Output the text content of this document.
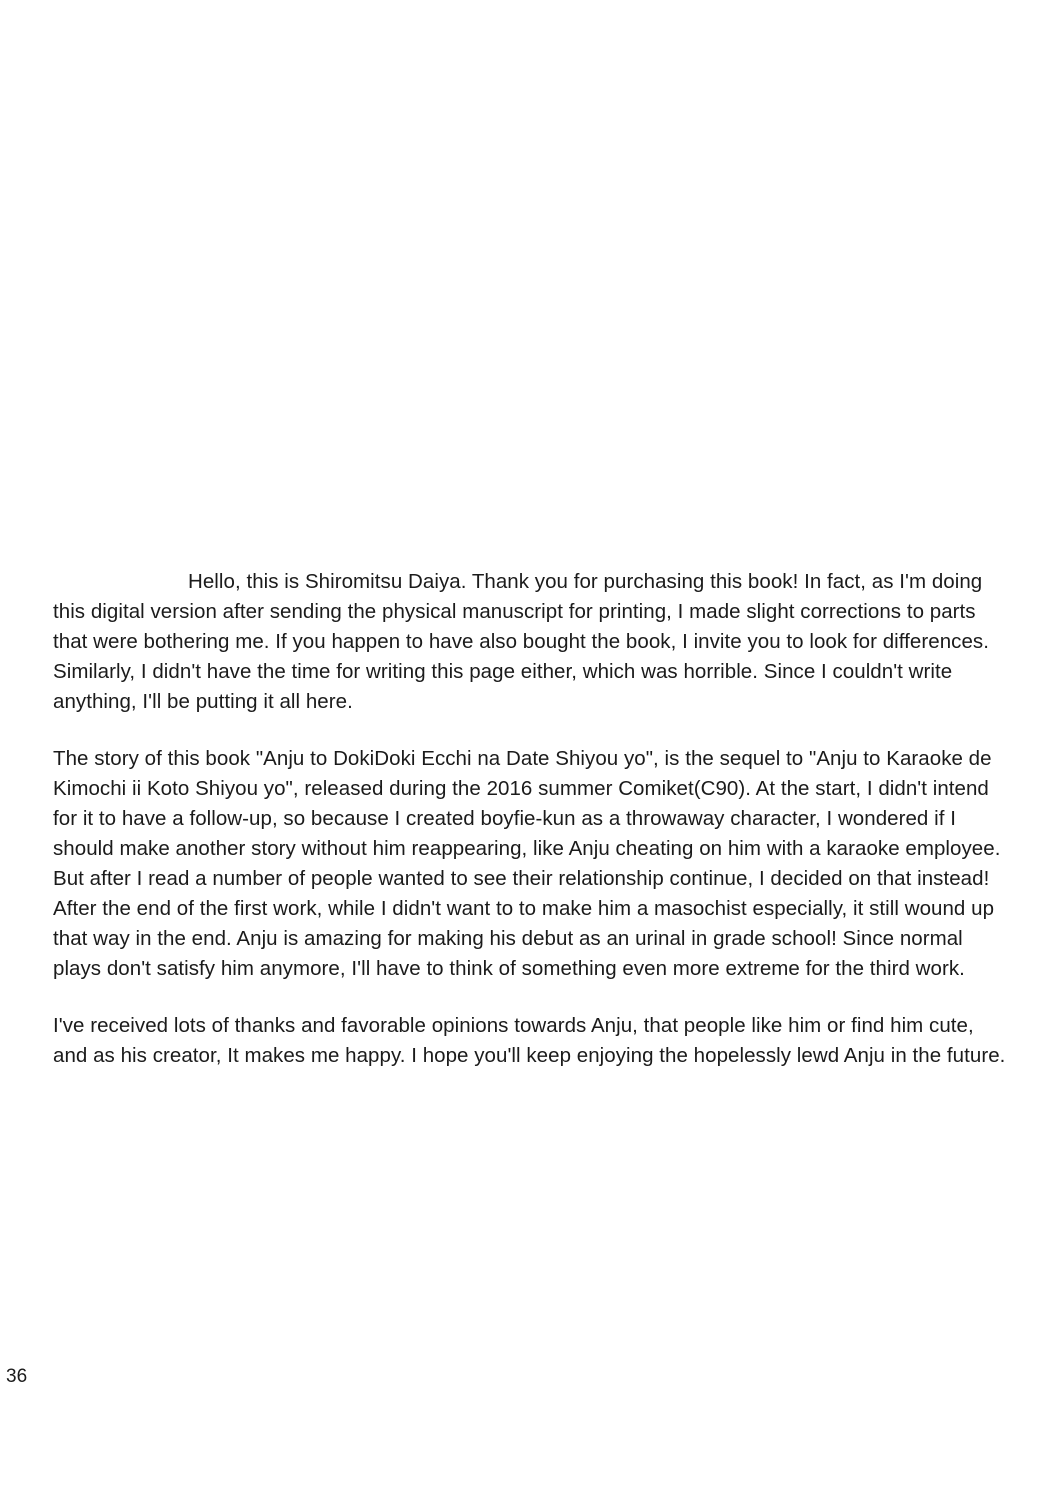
Hello, this is Shiromitsu Daiya. Thank you for purchasing this book! In fact, as I'm doing this digital version after sending the physical manuscript for printing, I made slight corrections to parts that were bothering me. If you happen to have also bought the book, I invite you to look for differences. Similarly, I didn't have the time for writing this page either, which was horrible. Since I couldn't write anything, I'll be putting it all here.

The story of this book "Anju to DokiDoki Ecchi na Date Shiyou yo", is the sequel to "Anju to Karaoke de Kimochi ii Koto Shiyou yo", released during the 2016 summer Comiket(C90). At the start, I didn't intend for it to have a follow-up, so because I created boyfie-kun as a throwaway character, I wondered if I should make another story without him reappearing, like Anju cheating on him with a karaoke employee. But after I read a number of people wanted to see their relationship continue, I decided on that instead! After the end of the first work, while I didn't want to to make him a masochist especially, it still wound up that way in the end. Anju is amazing for making his debut as an urinal in grade school! Since normal plays don't satisfy him anymore, I'll have to think of something even more extreme for the third work.

I've received lots of thanks and favorable opinions towards Anju, that people like him or find him cute, and as his creator, It makes me happy. I hope you'll keep enjoying the hopelessly lewd Anju in the future.

36
